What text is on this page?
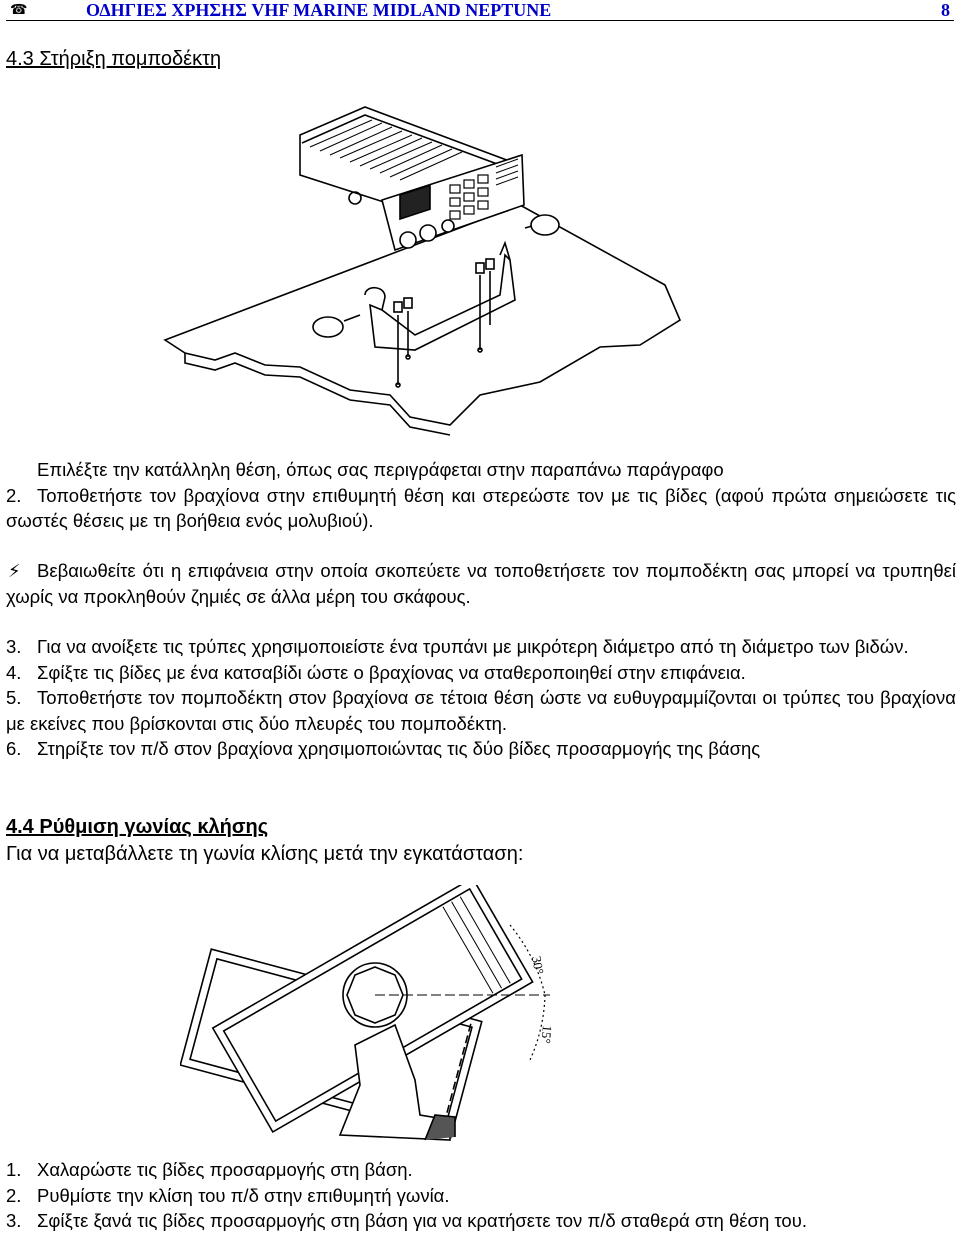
☎	ΟΔΗΓΙΕΣ ΧΡΗΣΗΣ VHF MARINE MIDLAND NEPTUNE	8
4.3 Στήριξη πομποδέκτη
Επιλέξτε την κατάλληλη θέση, όπως σας περιγράφεται στην παραπάνω παράγραφο
2. Τοποθετήστε τον βραχίονα στην επιθυμητή θέση και στερεώστε τον με τις βίδες (αφού πρώτα σημειώσετε τις σωστές θέσεις με τη βοήθεια ενός μολυβιού).
⚡ Βεβαιωθείτε ότι η επιφάνεια στην οποία σκοπεύετε να τοποθετήσετε τον πομποδέκτη σας μπορεί να τρυπηθεί χωρίς να προκληθούν ζημιές σε άλλα μέρη του σκάφους.
3. Για να ανοίξετε τις τρύπες χρησιμοποιείστε ένα τρυπάνι με μικρότερη διάμετρο από τη διάμετρο των βιδών.
4. Σφίξτε τις βίδες με ένα κατσαβίδι ώστε ο βραχίονας να σταθεροποιηθεί στην επιφάνεια.
5. Τοποθετήστε τον πομποδέκτη στον βραχίονα σε τέτοια θέση ώστε να ευθυγραμμίζονται οι τρύπες του βραχίονα με εκείνες που βρίσκονται στις δύο πλευρές του πομποδέκτη.
6. Στηρίξτε τον π/δ στον βραχίονα χρησιμοποιώντας τις δύο βίδες προσαρμογής της βάσης
4.4 Ρύθμιση γωνίας κλήσης
Για να μεταβάλλετε τη γωνία κλίσης μετά την εγκατάσταση:
30°
15°
1. Χαλαρώστε τις βίδες προσαρμογής στη βάση.
2. Ρυθμίστε την κλίση του π/δ στην επιθυμητή γωνία.
3. Σφίξτε ξανά τις βίδες προσαρμογής στη βάση για να κρατήσετε τον π/δ σταθερά στη θέση του.
